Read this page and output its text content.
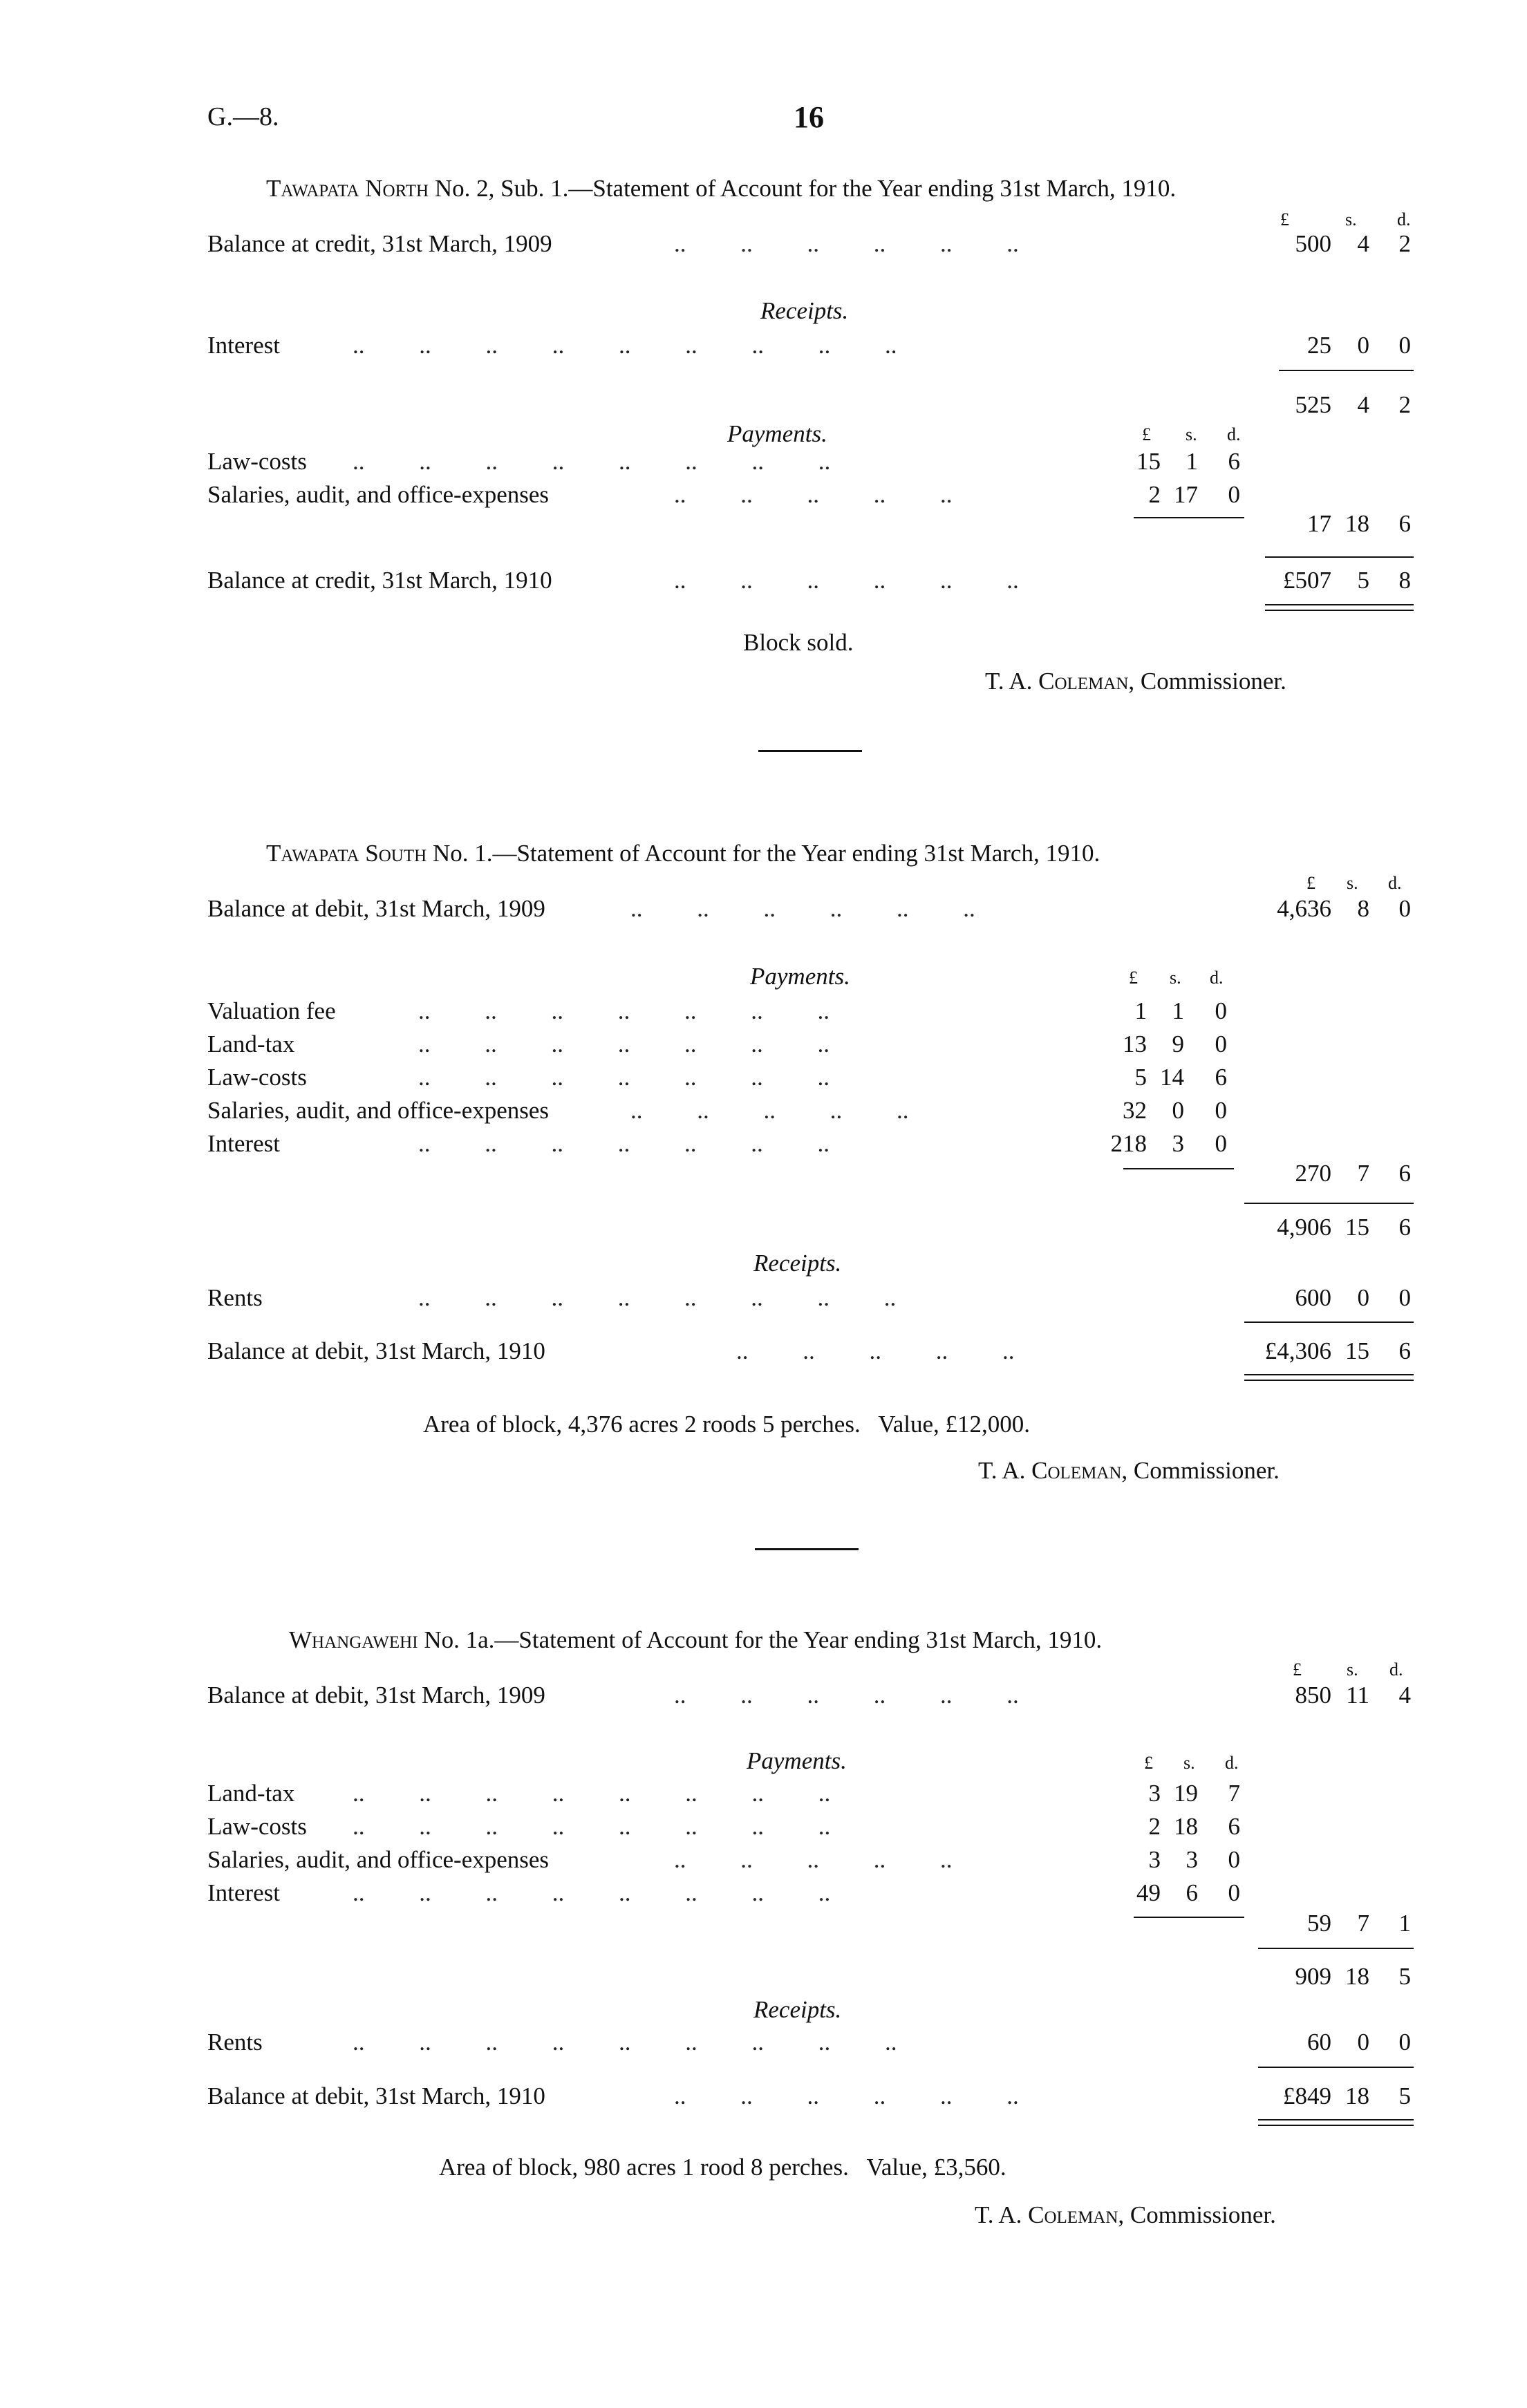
G.—8.	16
Tawapata North No. 2, Sub. 1.—Statement of Account for the Year ending 31st March, 1910.
£	s. d.
Balance at credit, 31st March, 1909	..         ..         ..         ..         ..         ..	500	4	2
Receipts.
Interest	..         ..         ..         ..         ..         ..         ..         ..         ..	25	0	0
525	4	2
Payments.	£ s. d.
Law-costs ..         ..         ..         ..         ..         ..         ..         ..	15	1	6
Salaries, audit, and office-expenses	..         ..         ..         ..         ..	2 17	0
17 18	6
Balance at credit, 31st March, 1910	..         ..         ..         ..         ..         ..	£507	5	8
Block sold.
T. A. Coleman, Commissioner.
Tawapata South No. 1.—Statement of Account for the Year ending 31st March, 1910.
£ s. d.
Balance at debit, 31st March, 1909	..         ..         ..         ..         ..         ..	4,636	8	0
Payments.	£ s. d.
Valuation fee	..         ..         ..         ..         ..         ..         ..	1	1	0
Land-tax	..         ..         ..         ..         ..         ..         ..	13	9	0
Law-costs	..         ..         ..         ..         ..         ..         ..	5 14	6
Salaries, audit, and office-expenses	..         ..         ..         ..         ..	32	0	0
Interest	..         ..         ..         ..         ..         ..         ..	218	3	0
270	7	6
4,906 15	6
Receipts.
Rents	..         ..         ..         ..         ..         ..         ..         ..	600	0	0
Balance at debit, 31st March, 1910	..         ..         ..         ..         ..	£4,306 15	6
Area of block, 4,376 acres 2 roods 5 perches.   Value, £12,000.
T. A. Coleman, Commissioner.
Whangawehi No. 1a.—Statement of Account for the Year ending 31st March, 1910.
£	s. d.
Balance at debit, 31st March, 1909	..         ..         ..         ..         ..         ..	850 11	4
Payments.	£ s. d.
Land-tax ..         ..         ..         ..         ..         ..         ..         ..	3 19	7
Law-costs ..         ..         ..         ..         ..         ..         ..         ..	2 18	6
Salaries, audit, and office-expenses	..         ..         ..         ..         ..	3	3	0
Interest	..         ..         ..         ..         ..         ..         ..         ..	49	6	0
59	7	1
909 18	5
Receipts.
Rents	..         ..         ..         ..         ..         ..         ..         ..         ..	60	0	0
Balance at debit, 31st March, 1910	..         ..         ..         ..         ..         ..	£849 18	5
Area of block, 980 acres 1 rood 8 perches.   Value, £3,560.
T. A. Coleman, Commissioner.
